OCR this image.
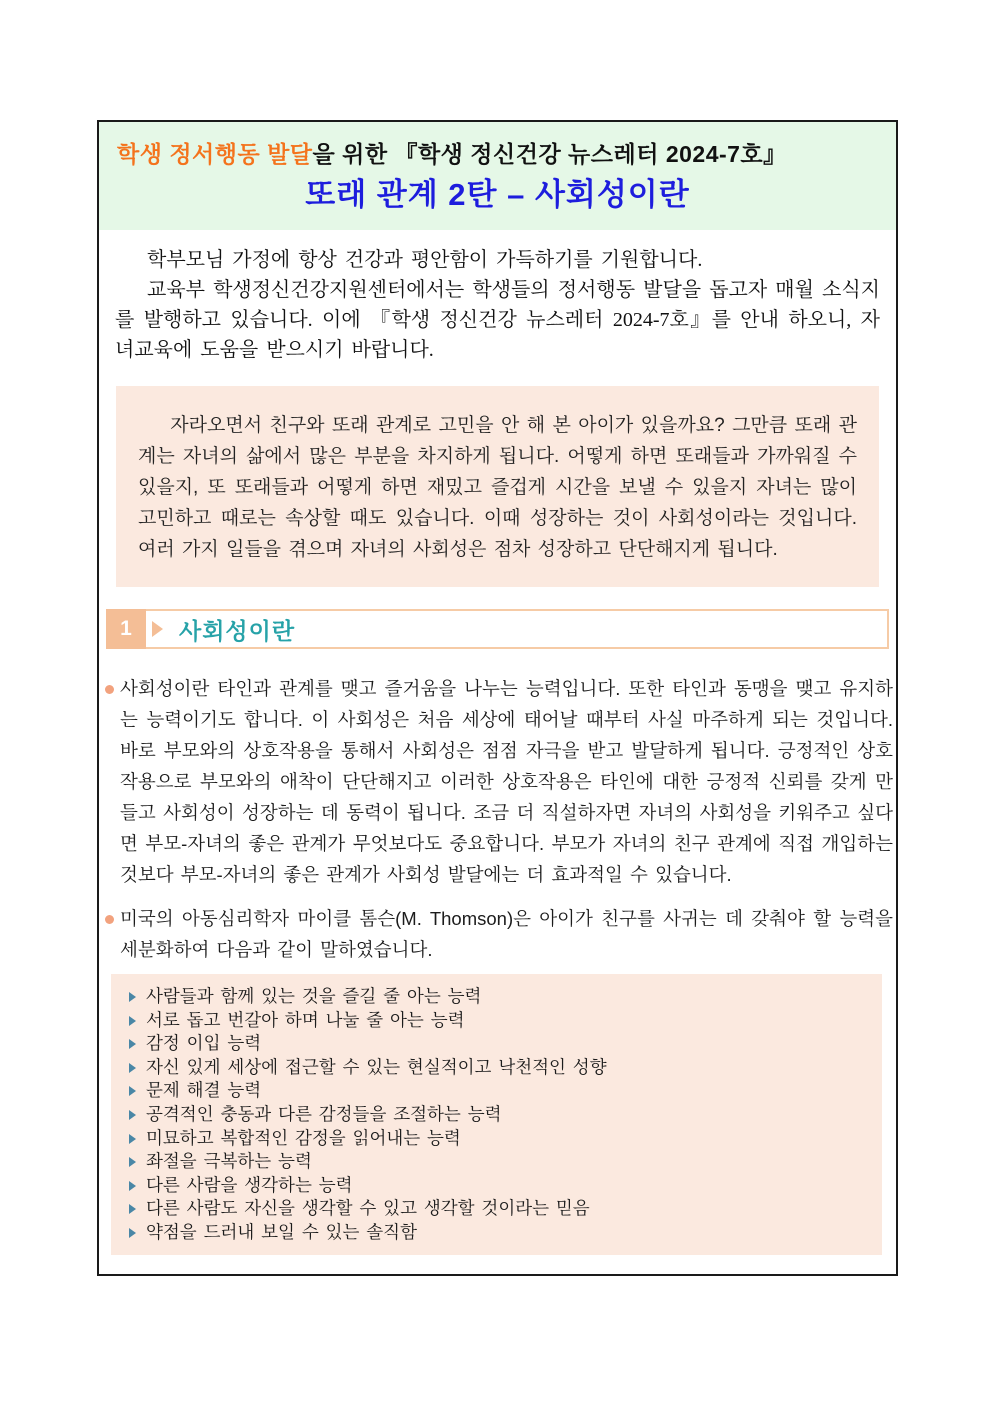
학생 정서행동 발달을 위한 『학생 정신건강 뉴스레터 2024-7호』
또래 관계 2탄 – 사회성이란

학부모님 가정에 항상 건강과 평안함이 가득하기를 기원합니다.

교육부 학생정신건강지원센터에서는 학생들의 정서행동 발달을 돕고자 매월 소식지를 발행하고 있습니다. 이에 『학생 정신건강 뉴스레터 2024-7호』를 안내 하오니, 자녀교육에 도움을 받으시기 바랍니다.

자라오면서 친구와 또래 관계로 고민을 안 해 본 아이가 있을까요? 그만큼 또래 관계는 자녀의 삶에서 많은 부분을 차지하게 됩니다. 어떻게 하면 또래들과 가까워질 수 있을지, 또 또래들과 어떻게 하면 재밌고 즐겁게 시간을 보낼 수 있을지 자녀는 많이 고민하고 때로는 속상할 때도 있습니다. 이때 성장하는 것이 사회성이라는 것입니다. 여러 가지 일들을 겪으며 자녀의 사회성은 점차 성장하고 단단해지게 됩니다.

1	사회성이란
사회성이란 타인과 관계를 맺고 즐거움을 나누는 능력입니다. 또한 타인과 동맹을 맺고 유지하는 능력이기도 합니다. 이 사회성은 처음 세상에 태어날 때부터 사실 마주하게 되는 것입니다. 바로 부모와의 상호작용을 통해서 사회성은 점점 자극을 받고 발달하게 됩니다. 긍정적인 상호작용으로 부모와의 애착이 단단해지고 이러한 상호작용은 타인에 대한 긍정적 신뢰를 갖게 만들고 사회성이 성장하는 데 동력이 됩니다. 조금 더 직설하자면 자녀의 사회성을 키워주고 싶다면 부모-자녀의 좋은 관계가 무엇보다도 중요합니다. 부모가 자녀의 친구 관계에 직접 개입하는 것보다 부모-자녀의 좋은 관계가 사회성 발달에는 더 효과적일 수 있습니다.
미국의 아동심리학자 마이클 톰슨(M. Thomson)은 아이가 친구를 사귀는 데 갖춰야 할 능력을 세분화하여 다음과 같이 말하였습니다.
사람들과 함께 있는 것을 즐길 줄 아는 능력
서로 돕고 번갈아 하며 나눌 줄 아는 능력
감정 이입 능력
자신 있게 세상에 접근할 수 있는 현실적이고 낙천적인 성향
문제 해결 능력
공격적인 충동과 다른 감정들을 조절하는 능력
미묘하고 복합적인 감정을 읽어내는 능력
좌절을 극복하는 능력
다른 사람을 생각하는 능력
다른 사람도 자신을 생각할 수 있고 생각할 것이라는 믿음
약점을 드러내 보일 수 있는 솔직함
